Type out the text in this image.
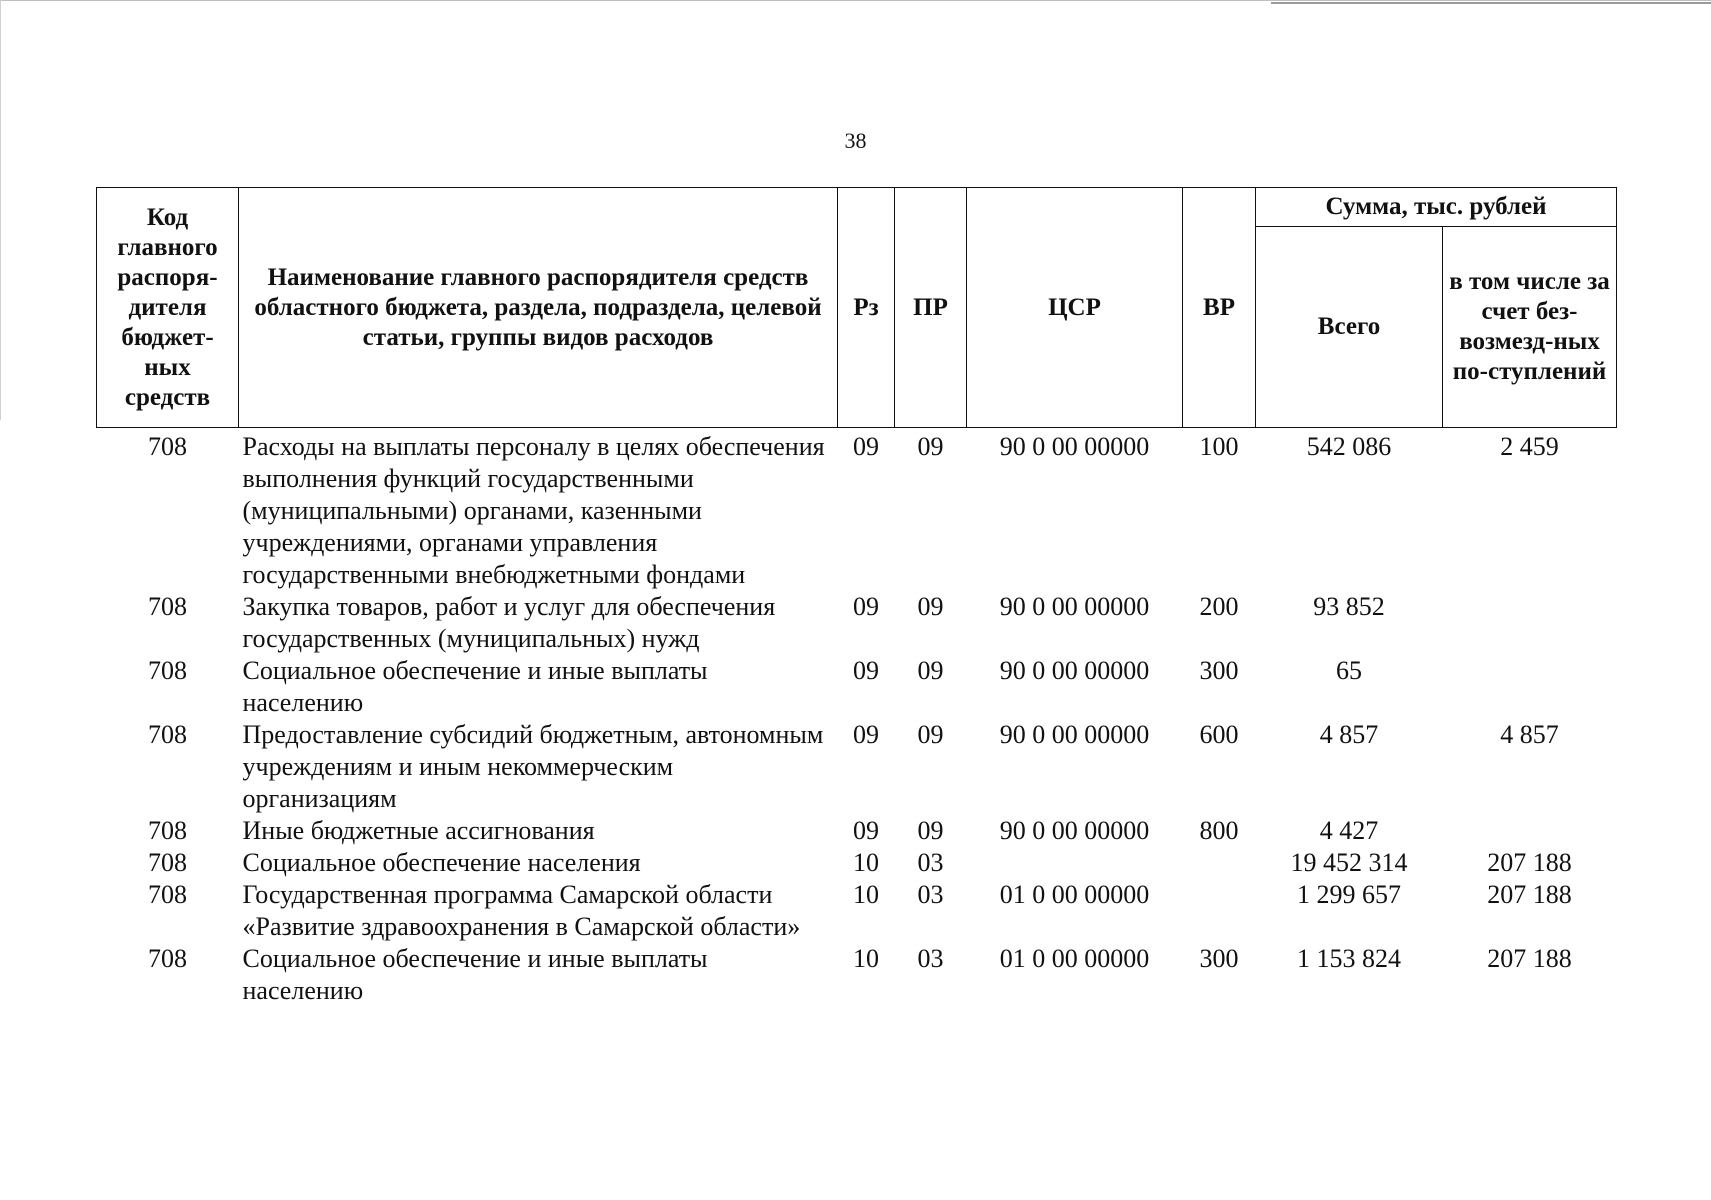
38
Код главного распоря-дителя бюджет-ных средств	Наименование главного распорядителя средств областного бюджета, раздела, подраздела, целевой статьи, группы видов расходов	Рз	ПР	ЦСР	ВР	Сумма, тыс. рублей	
						Всего	в том числе за счет без-возмезд-ных по-ступлений
708	Расходы на выплаты персоналу в целях обеспечения выполнения функций государственными (муниципальными) органами, казенными учреждениями, органами управления государственными внебюджетными фондами	09	09	90 0 00 00000	100	542 086	2 459
708	Закупка товаров, работ и услуг для обеспечения государственных (муниципальных) нужд	09	09	90 0 00 00000	200	93 852	
708	Социальное обеспечение и иные выплаты населению	09	09	90 0 00 00000	300	65	
708	Предоставление субсидий бюджетным, автономным учреждениям и иным некоммерческим организациям	09	09	90 0 00 00000	600	4 857	4 857
708	Иные бюджетные ассигнования	09	09	90 0 00 00000	800	4 427	
708	Социальное обеспечение населения	10	03			19 452 314	207 188
708	Государственная программа Самарской области «Развитие здравоохранения в Самарской области»	10	03	01 0 00 00000		1 299 657	207 188
708	Социальное обеспечение и иные выплаты населению	10	03	01 0 00 00000	300	1 153 824	207 188
